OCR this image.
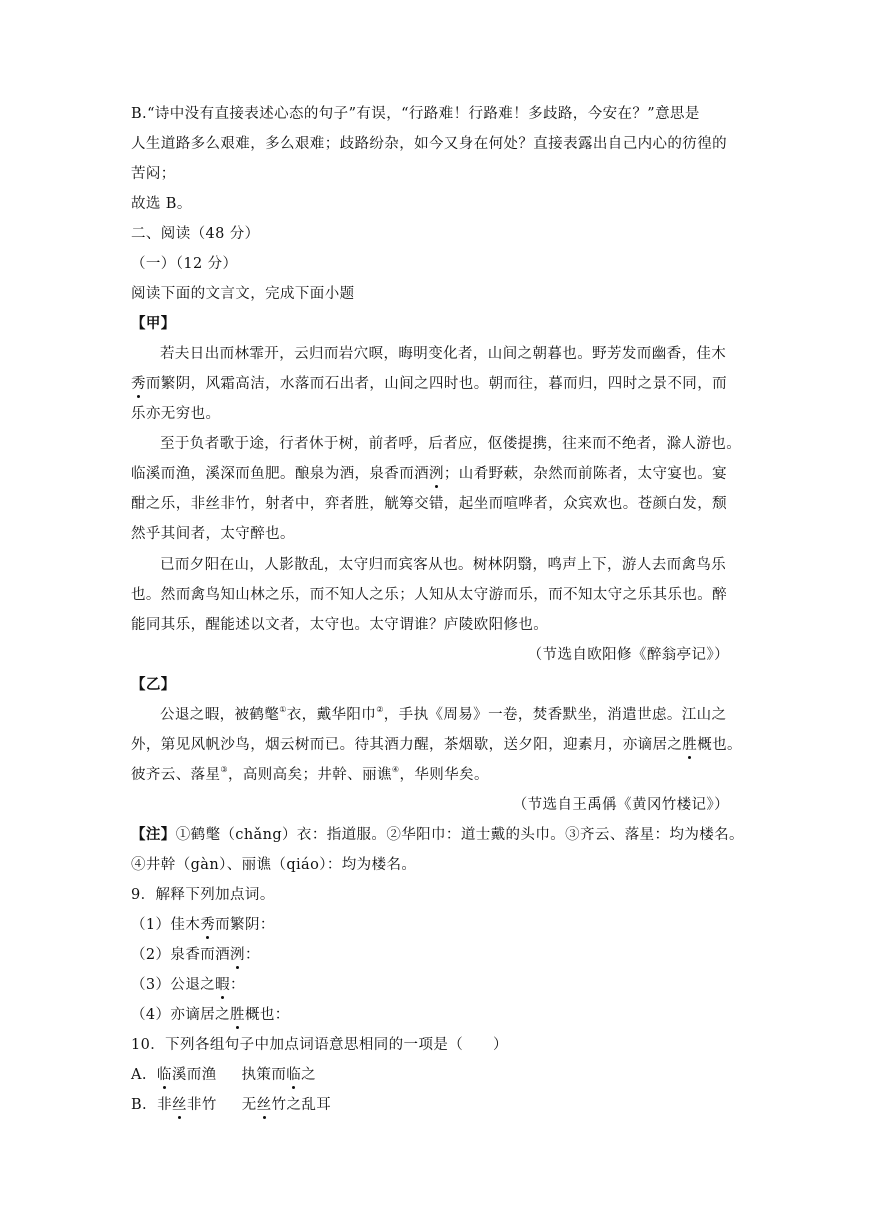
B.“诗中没有直接表述心态的句子”有误，“行路难！行路难！多歧路，今安在？”意思是
人生道路多么艰难，多么艰难；歧路纷杂，如今又身在何处？直接表露出自己内心的彷徨的
苦闷；
故选 B。
二、阅读（48 分）
（一）（12 分）
阅读下面的文言文，完成下面小题
【甲】
若夫日出而林霏开，云归而岩穴暝，晦明变化者，山间之朝暮也。野芳发而幽香，佳木
秀而繁阴，风霜高洁，水落而石出者，山间之四时也。朝而往，暮而归，四时之景不同，而
乐亦无穷也。
至于负者歌于途，行者休于树，前者呼，后者应，伛偻提携，往来而不绝者，滁人游也。
临溪而渔，溪深而鱼肥。酿泉为酒，泉香而酒洌；山肴野蔌，杂然而前陈者，太守宴也。宴
酣之乐，非丝非竹，射者中，弈者胜，觥筹交错，起坐而喧哗者，众宾欢也。苍颜白发，颓
然乎其间者，太守醉也。
已而夕阳在山，人影散乱，太守归而宾客从也。树林阴翳，鸣声上下，游人去而禽鸟乐
也。然而禽鸟知山林之乐，而不知人之乐；人知从太守游而乐，而不知太守之乐其乐也。醉
能同其乐，醒能述以文者，太守也。太守谓谁？庐陵欧阳修也。
（节选自欧阳修《醉翁亭记》）
【乙】
公退之暇，被鹤氅①衣，戴华阳巾②，手执《周易》一卷，焚香默坐，消遣世虑。江山之
外，第见风帆沙鸟，烟云树而已。待其酒力醒，茶烟歇，送夕阳，迎素月，亦谪居之胜概也。
彼齐云、落星③，高则高矣；井幹、丽谯④，华则华矣。
（节选自王禹偁《黄冈竹楼记》）
【注】①鹤氅（chǎng）衣：指道服。②华阳巾：道士戴的头巾。③齐云、落星：均为楼名。
④井幹（gàn）、丽谯（qiáo）：均为楼名。
9．解释下列加点词。
（1）佳木秀而繁阴：
（2）泉香而酒洌：
（3）公退之暇：
（4）亦谪居之胜概也：
10．下列各组句子中加点词语意思相同的一项是（　　）
A. 临溪而渔 执策而临之
B. 非丝非竹 无丝竹之乱耳
